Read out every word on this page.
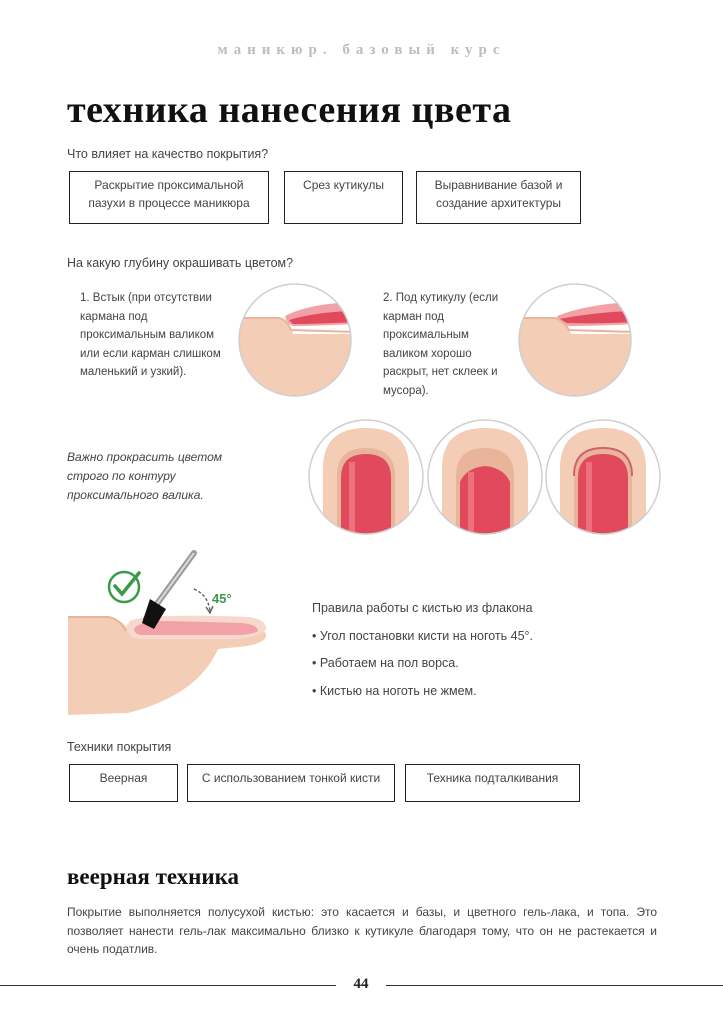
маникюр. базовый курс
техника нанесения цвета
Что влияет на качество покрытия?
Раскрытие проксимальной
пазухи в процессе маникюра
Срез кутикулы	Выравнивание базой и
создание архитектуры
На какую глубину окрашивать цветом?
1. Встык (при отсутствии
кармана под
проксимальным валиком
или если карман слишком
маленький и узкий).
2. Под кутикулу (если
карман под
проксимальным
валиком хорошо
раскрыт, нет склеек и
мусора).
Важно прокрасить цветом
строго по контуру
проксимального валика.
45°
Правила работы с кистью из флакона
• Угол постановки кисти на ноготь 45°.
• Работаем на пол ворса.
• Кистью на ноготь не жмем.
Техники покрытия
Веерная	С использованием тонкой кисти	Техника подталкивания
веерная техника
Покрытие выполняется полусухой кистью: это касается и базы, и цветного гель-лака, и топа. Это позволяет нанести гель-лак максимально близко к кутикуле благодаря тому, что он не растекается и очень податлив.
44
